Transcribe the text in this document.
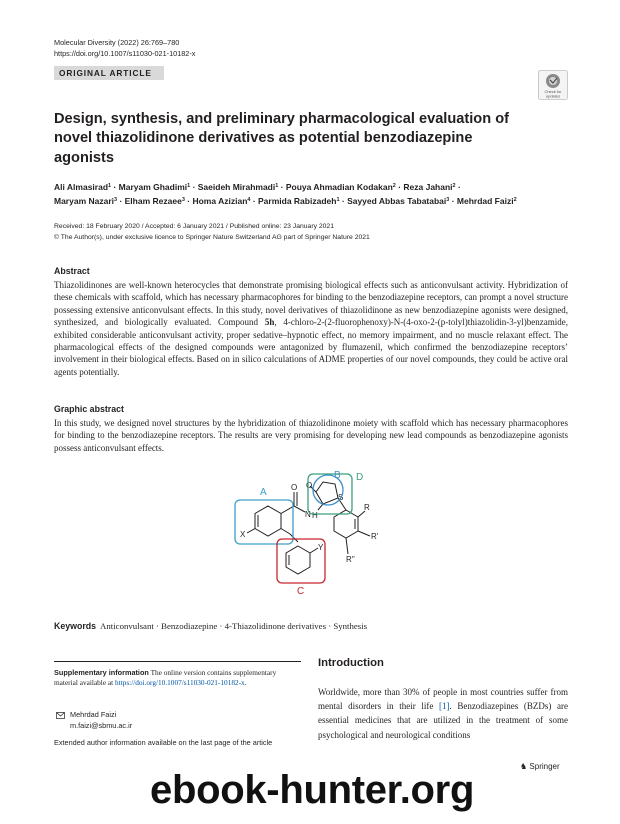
Molecular Diversity (2022) 26:769–780
https://doi.org/10.1007/s11030-021-10182-x
ORIGINAL ARTICLE
Check for
updates
Design, synthesis, and preliminary pharmacological evaluation of novel thiazolidinone derivatives as potential benzodiazepine agonists
Ali Almasirad$^1$ · Maryam Ghadimi$^1$ · Saeideh Mirahmadi$^1$ · Pouya Ahmadian Kodakan$^2$ · Reza Jahani$^2$ ·
Maryam Nazari$^3$ · Elham Rezaee$^3$ · Homa Azizian$^4$ · Parmida Rabizadeh$^1$ · Sayyed Abbas Tabatabai$^3$ · Mehrdad Faizi$^2$
Received: 18 February 2020 / Accepted: 6 January 2021 / Published online: 23 January 2021
© The Author(s), under exclusive licence to Springer Nature Switzerland AG part of Springer Nature 2021
Abstract
Thiazolidinones are well-known heterocycles that demonstrate promising biological effects such as anticonvulsant activity. Hybridization of these chemicals with scaffold, which has necessary pharmacophores for binding to the benzodiazepine receptors, can prompt a novel structure possessing extensive anticonvulsant effects. In this study, novel derivatives of thiazolidinone as new benzodiazepine agonists were designed, synthesized, and biologically evaluated. Compound 5h, 4-chloro-2-(2-fluorophenoxy)-N-(4-oxo-2-(p-tolyl)thiazolidin-3-yl)benzamide, exhibited considerable anticonvulsant activity, proper sedative–hypnotic effect, no memory impairment, and no muscle relaxant effect. The pharmacological effects of the designed compounds were antagonized by flumazenil, which confirmed the benzodiazepine receptors’ involvement in their biological effects. Based on in silico calculations of ADME properties of our novel compounds, they could be active oral agents potentially.
Graphic abstract
In this study, we designed novel structures by the hybridization of thiazolidinone moiety with scaffold which has necessary pharmacophores for binding to the benzodiazepine receptors. The results are very promising for developing new lead compounds as benzodiazepine agonists possess anticonvulsant effects.
O
N H
O
S
X
Y
R
R'
R''
A
B
C
D
Keywords Anticonvulsant · Benzodiazepine · 4-Thiazolidinone derivatives · Synthesis
Supplementary information The online version contains supplementary material available at https://doi.org/10.1007/s11030-021-10182-x.
Mehrdad Faizi
m.faizi@sbmu.ac.ir
Extended author information available on the last page of the article
Introduction
Worldwide, more than 30% of people in most countries suffer from mental disorders in their life [1]. Benzodiazepines (BZDs) are essential medicines that are utilized in the treatment of some psychological and neurological conditions
♞ Springer
ebook-hunter.org
